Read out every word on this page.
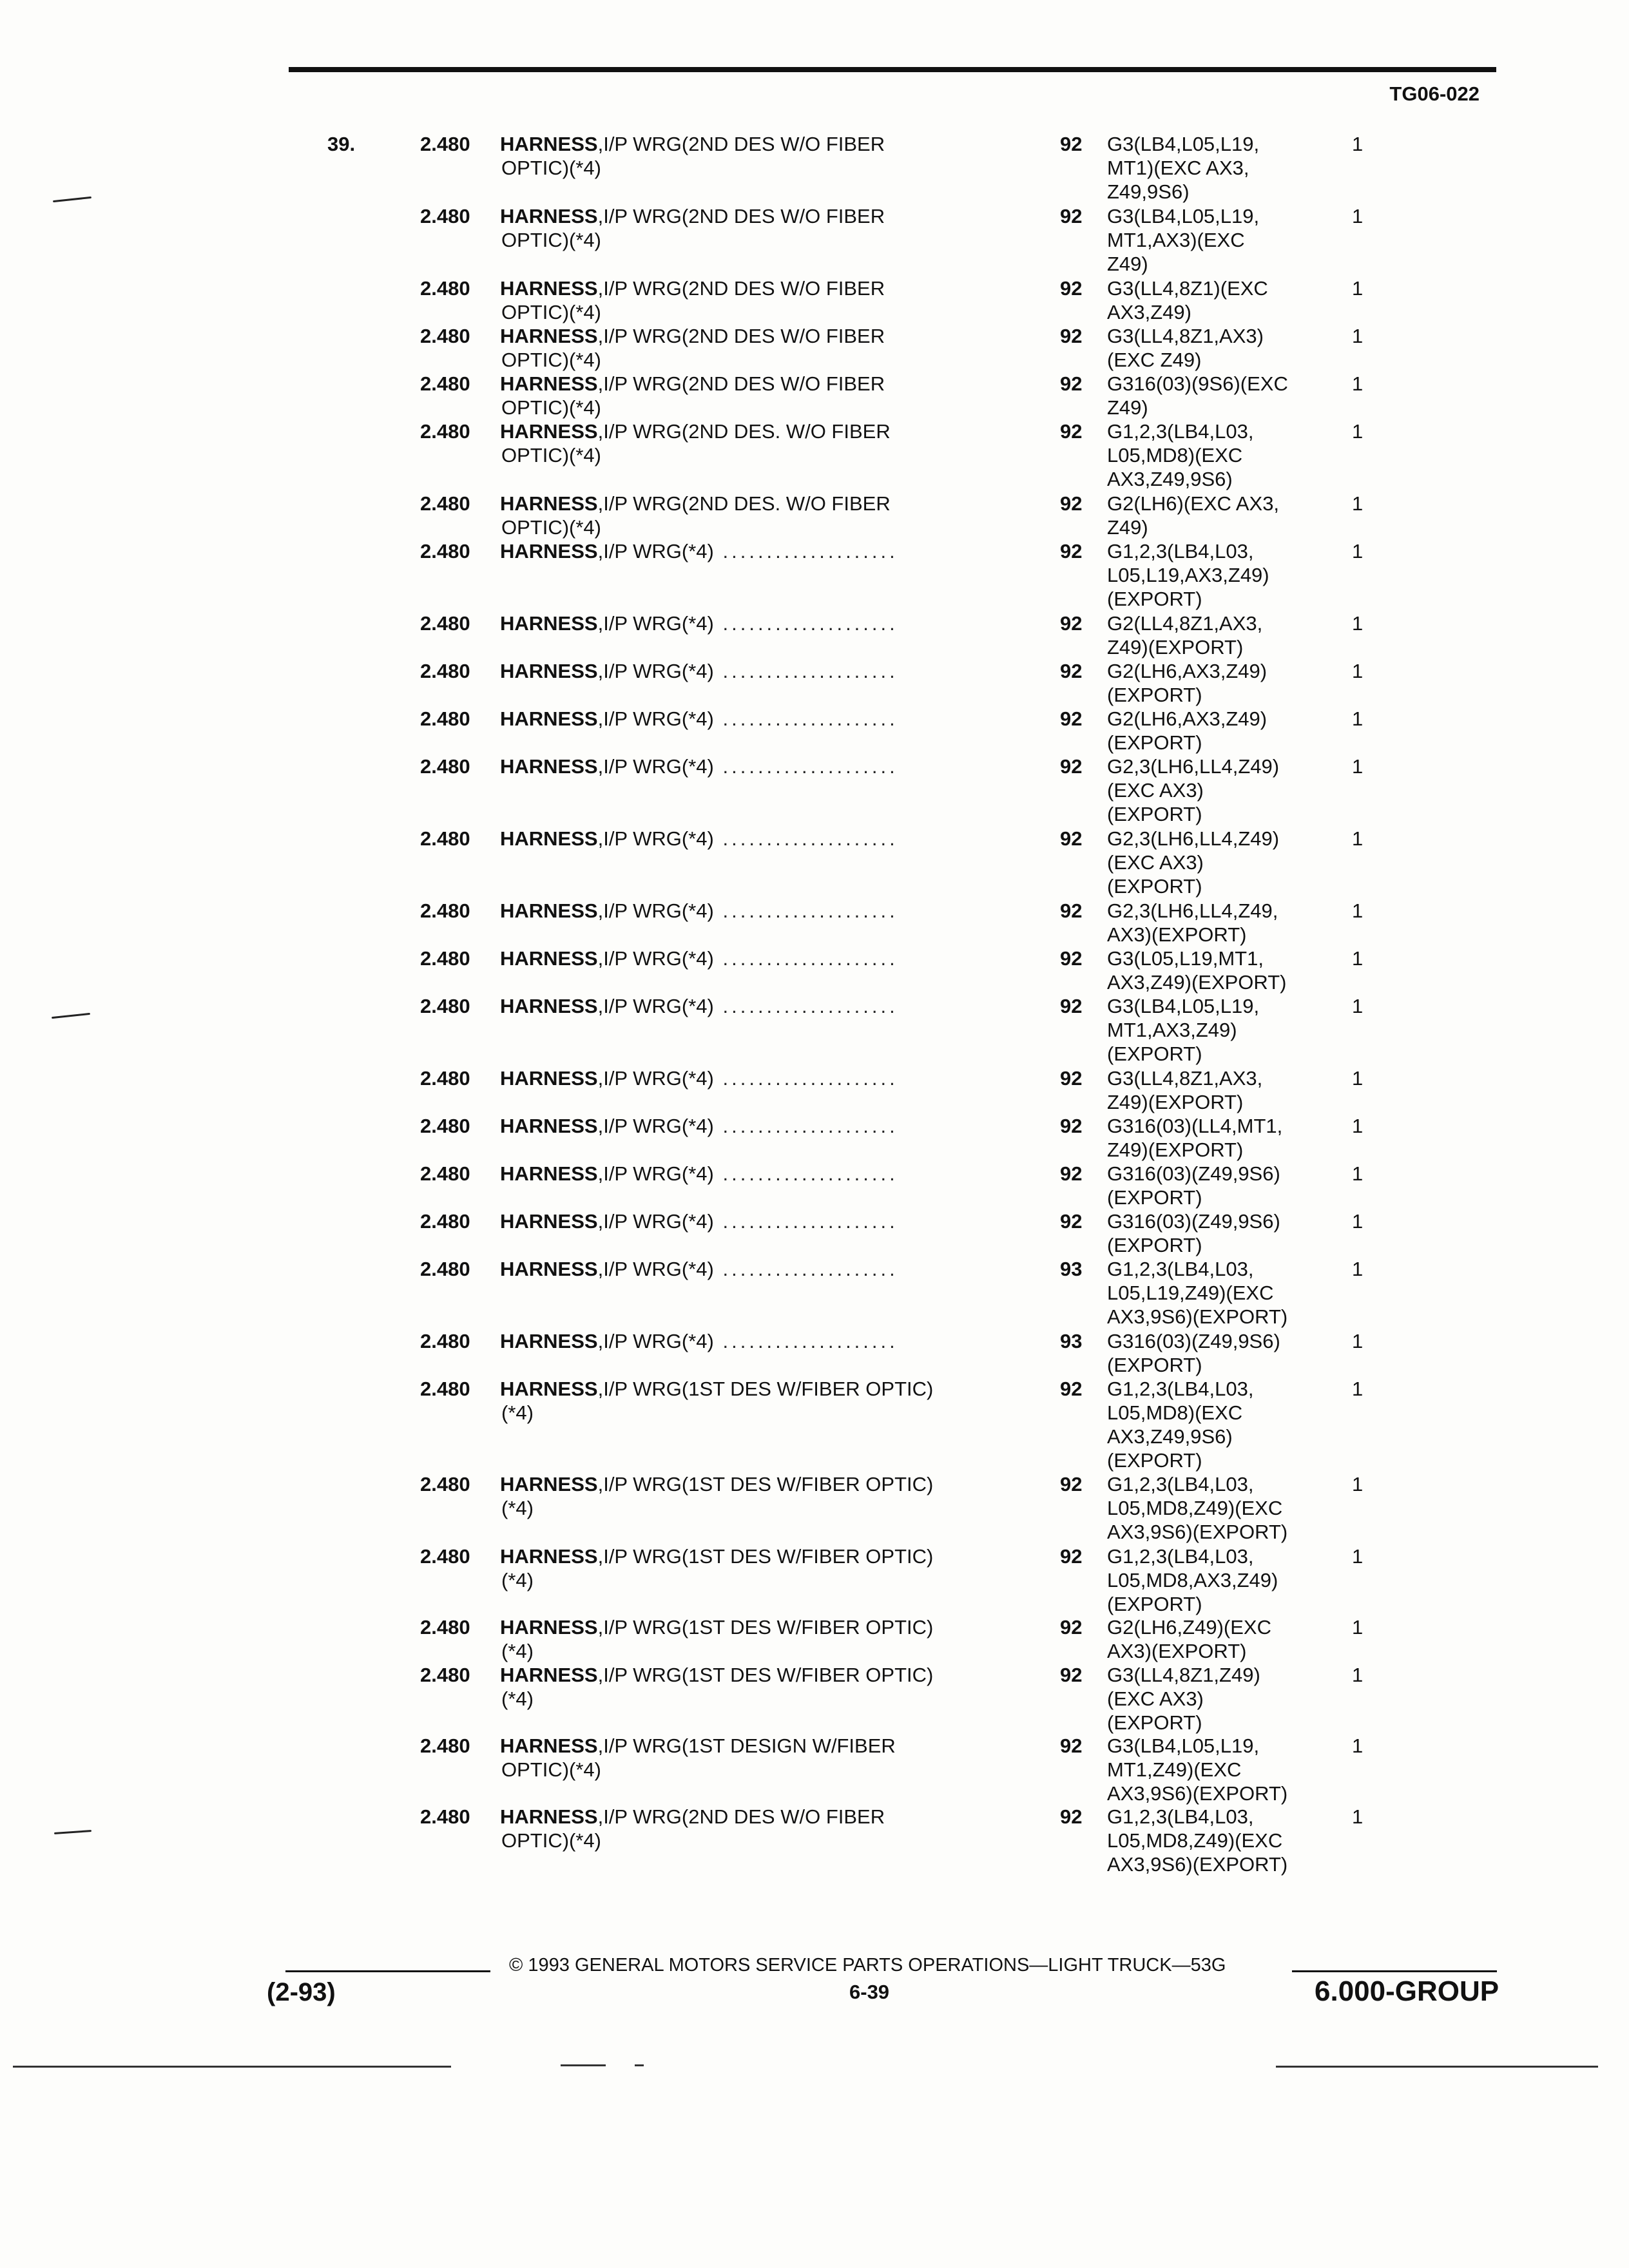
TG06-022
39.	2.480 HARNESS,I/P WRG(2ND DES W/O FIBER
OPTIC)(*4)
92 G3(LB4,L05,L19,
MT1)(EXC AX3,
Z49,9S6)
1
2.480 HARNESS,I/P WRG(2ND DES W/O FIBER
OPTIC)(*4)
92 G3(LB4,L05,L19,
MT1,AX3)(EXC
Z49)
1
2.480 HARNESS,I/P WRG(2ND DES W/O FIBER
OPTIC)(*4)
92 G3(LL4,8Z1)(EXC
AX3,Z49)
1
2.480 HARNESS,I/P WRG(2ND DES W/O FIBER
OPTIC)(*4)
92 G3(LL4,8Z1,AX3)
(EXC Z49)
1
2.480 HARNESS,I/P WRG(2ND DES W/O FIBER
OPTIC)(*4)
92 G316(03)(9S6)(EXC
Z49)
1
2.480 HARNESS,I/P WRG(2ND DES. W/O FIBER
OPTIC)(*4)
92 G1,2,3(LB4,L03,
L05,MD8)(EXC
AX3,Z49,9S6)
1
2.480 HARNESS,I/P WRG(2ND DES. W/O FIBER
OPTIC)(*4)
92 G2(LH6)(EXC AX3,
Z49)
1
2.480 HARNESS,I/P WRG(*4) ....................	92 G1,2,3(LB4,L03,
L05,L19,AX3,Z49)
(EXPORT)
1
2.480 HARNESS,I/P WRG(*4) ....................	92 G2(LL4,8Z1,AX3,
Z49)(EXPORT)
1
2.480 HARNESS,I/P WRG(*4) ....................	92 G2(LH6,AX3,Z49)
(EXPORT)
1
2.480 HARNESS,I/P WRG(*4) ....................	92 G2(LH6,AX3,Z49)
(EXPORT)
1
2.480 HARNESS,I/P WRG(*4) ....................	92 G2,3(LH6,LL4,Z49)
(EXC AX3)
(EXPORT)
1
2.480 HARNESS,I/P WRG(*4) ....................	92 G2,3(LH6,LL4,Z49)
(EXC AX3)
(EXPORT)
1
2.480 HARNESS,I/P WRG(*4) ....................	92 G2,3(LH6,LL4,Z49,
AX3)(EXPORT)
1
2.480 HARNESS,I/P WRG(*4) ....................	92 G3(L05,L19,MT1,
AX3,Z49)(EXPORT)
1
2.480 HARNESS,I/P WRG(*4) ....................	92 G3(LB4,L05,L19,
MT1,AX3,Z49)
(EXPORT)
1
2.480 HARNESS,I/P WRG(*4) ....................	92 G3(LL4,8Z1,AX3,
Z49)(EXPORT)
1
2.480 HARNESS,I/P WRG(*4) ....................	92 G316(03)(LL4,MT1,
Z49)(EXPORT)
1
2.480 HARNESS,I/P WRG(*4) ....................	92 G316(03)(Z49,9S6)
(EXPORT)
1
2.480 HARNESS,I/P WRG(*4) ....................	92 G316(03)(Z49,9S6)
(EXPORT)
1
2.480 HARNESS,I/P WRG(*4) ....................	93 G1,2,3(LB4,L03,
L05,L19,Z49)(EXC
AX3,9S6)(EXPORT)
1
2.480 HARNESS,I/P WRG(*4) ....................	93 G316(03)(Z49,9S6)
(EXPORT)
1
2.480 HARNESS,I/P WRG(1ST DES W/FIBER OPTIC)
(*4)
92 G1,2,3(LB4,L03,
L05,MD8)(EXC
AX3,Z49,9S6)
(EXPORT)
1
2.480 HARNESS,I/P WRG(1ST DES W/FIBER OPTIC)
(*4)
92 G1,2,3(LB4,L03,
L05,MD8,Z49)(EXC
AX3,9S6)(EXPORT)
1
2.480 HARNESS,I/P WRG(1ST DES W/FIBER OPTIC)
(*4)
92 G1,2,3(LB4,L03,
L05,MD8,AX3,Z49)
(EXPORT)
1
2.480 HARNESS,I/P WRG(1ST DES W/FIBER OPTIC)
(*4)
92 G2(LH6,Z49)(EXC
AX3)(EXPORT)
1
2.480 HARNESS,I/P WRG(1ST DES W/FIBER OPTIC)
(*4)
92 G3(LL4,8Z1,Z49)
(EXC AX3)
(EXPORT)
1
2.480 HARNESS,I/P WRG(1ST DESIGN W/FIBER
OPTIC)(*4)
92 G3(LB4,L05,L19,
MT1,Z49)(EXC
AX3,9S6)(EXPORT)
1
2.480 HARNESS,I/P WRG(2ND DES W/O FIBER
OPTIC)(*4)
92 G1,2,3(LB4,L03,
L05,MD8,Z49)(EXC
AX3,9S6)(EXPORT)
1
© 1993 GENERAL MOTORS SERVICE PARTS OPERATIONS—LIGHT TRUCK—53G
(2-93)	6-39	6.000-GROUP
